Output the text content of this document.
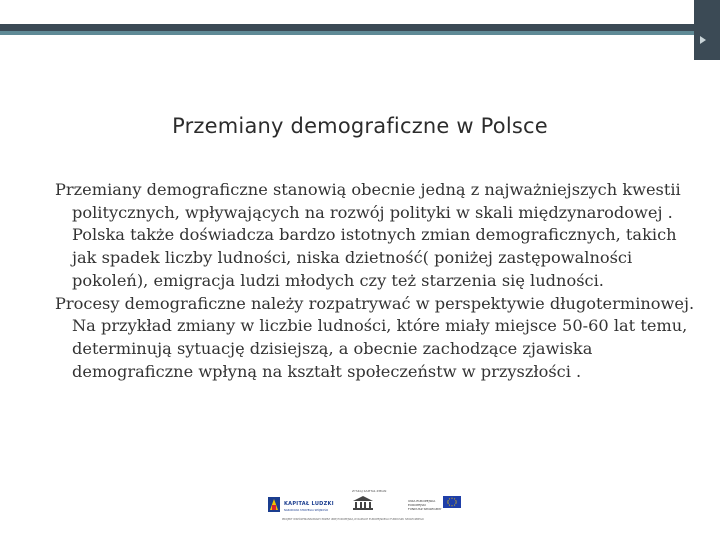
Przemiany demograficzne w Polsce

Przemiany demograficzne stanowią obecnie jedną z najważniejszych kwestii politycznych, wpływających na rozwój polityki w skali międzynarodowej . Polska także doświadcza bardzo istotnych zmian demograficznych, takich jak spadek liczby ludności, niska dzietność( poniżej zastępowalności pokoleń), emigracja ludzi młodych czy też starzenia się ludności.

Procesy demograficzne należy rozpatrywać w perspektywie długoterminowej. Na przykład zmiany w liczbie ludności, które miały miejsce 50-60 lat temu, determinują sytuację dzisiejszą, a obecnie zachodzące zjawiska demograficzne wpłyną na kształt społeczeństw w przyszłości .

ZYSKAJ KAPITAŁ ZMIAN
KAPITAŁ LUDZKI
NARODOWA STRATEGIA SPÓJNOŚCI
UNIA EUROPEJSKA
EUROPEJSKI
FUNDUSZ SPOŁECZNY
PROJEKT WSPÓŁFINANSOWANY PRZEZ UNIĘ EUROPEJSKĄ W RAMACH EUROPEJSKIEGO FUNDUSZU SPOŁECZNEGO
